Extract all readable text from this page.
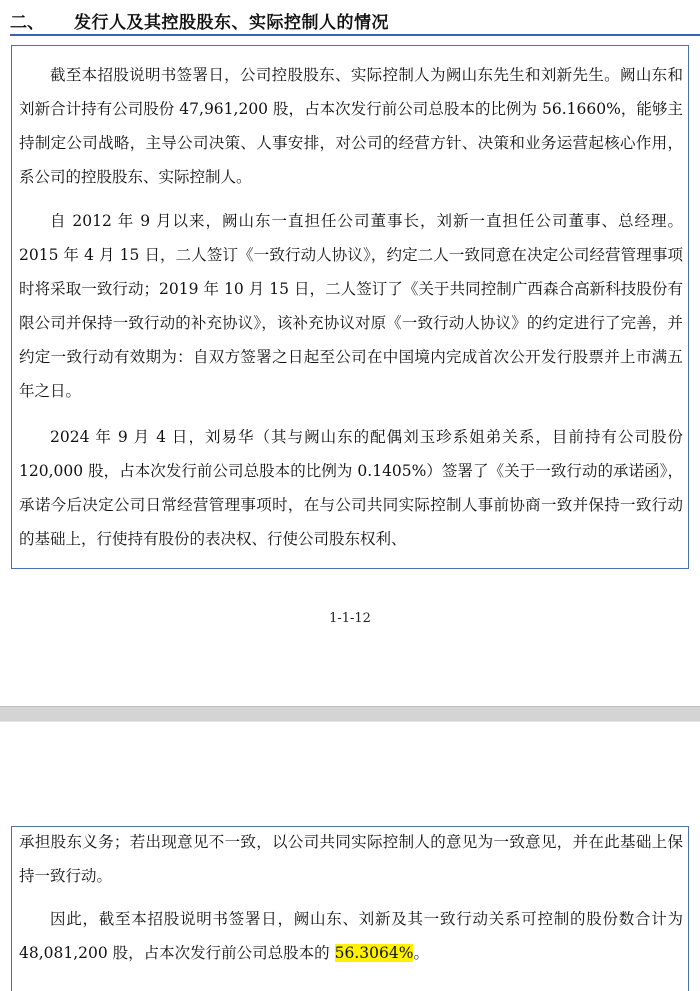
二、 发行人及其控股股东、实际控制人的情况

截至本招股说明书签署日，公司控股股东、实际控制人为阙山东先生和刘新先生。阙山东和刘新合计持有公司股份 47,961,200 股，占本次发行前公司总股本的比例为 56.1660%，能够主持制定公司战略，主导公司决策、人事安排，对公司的经营方针、决策和业务运营起核心作用，系公司的控股股东、实际控制人。

自 2012 年 9 月以来，阙山东一直担任公司董事长，刘新一直担任公司董事、总经理。2015 年 4 月 15 日，二人签订《一致行动人协议》，约定二人一致同意在决定公司经营管理事项时将采取一致行动；2019 年 10 月 15 日，二人签订了《关于共同控制广西森合高新科技股份有限公司并保持一致行动的补充协议》，该补充协议对原《一致行动人协议》的约定进行了完善，并约定一致行动有效期为：自双方签署之日起至公司在中国境内完成首次公开发行股票并上市满五年之日。

2024 年 9 月 4 日，刘易华（其与阙山东的配偶刘玉珍系姐弟关系，目前持有公司股份 120,000 股，占本次发行前公司总股本的比例为 0.1405%）签署了《关于一致行动的承诺函》，承诺今后决定公司日常经营管理事项时，在与公司共同实际控制人事前协商一致并保持一致行动的基础上，行使持有股份的表决权、行使公司股东权利、

1-1-12

承担股东义务；若出现意见不一致，以公司共同实际控制人的意见为一致意见，并在此基础上保持一致行动。

因此，截至本招股说明书签署日，阙山东、刘新及其一致行动关系可控制的股份数合计为 48,081,200 股，占本次发行前公司总股本的 56.3064%。
